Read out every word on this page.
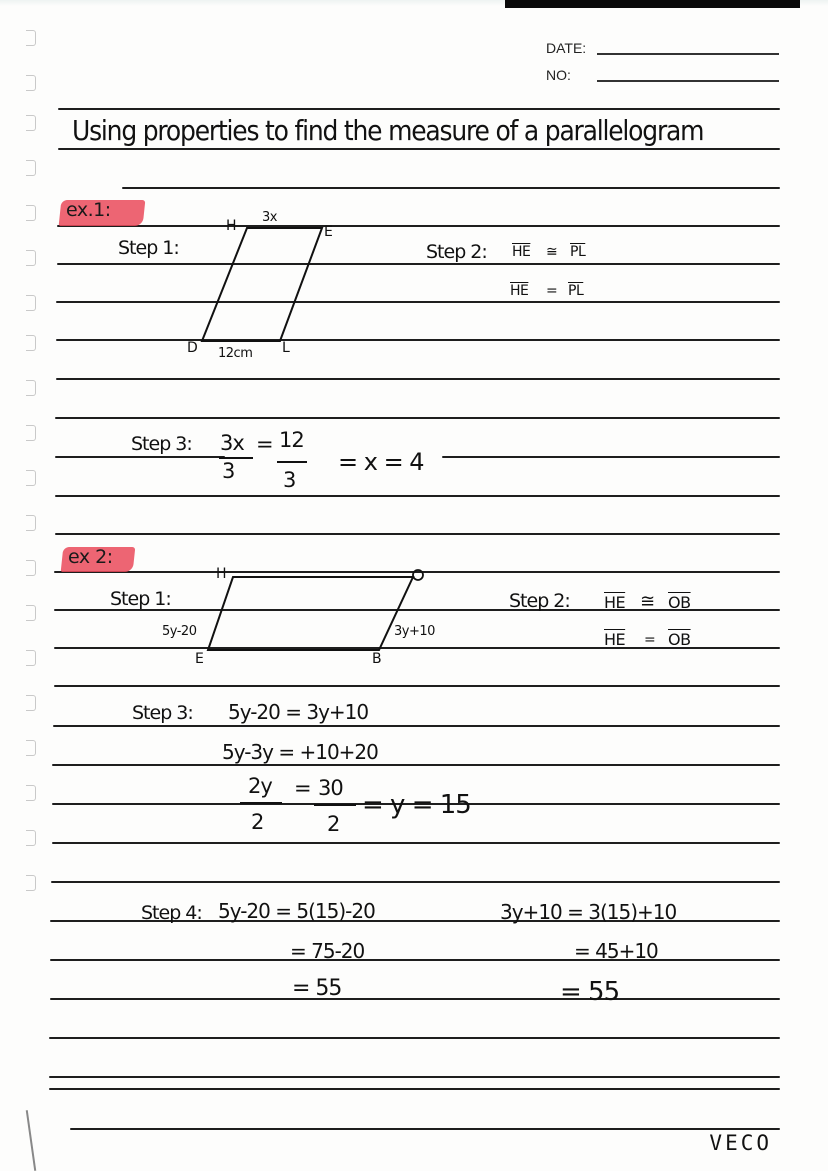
DATE:
NO:
Using properties to find the measure of a parallelogram
ex.1:
Step 1:
H
3x
E
L
D 12cm
Step 2: $\overline{HE}$ ≅ $\overline{PL}$
$\overline{HE} = \overline{PL}$
Step 3: 3x
3
= 12
3
= x = 4
ex 2:
Step 1:
H
B
E
5y-20	3y+10
Step 2: $\overline{HE}$ ≅ $\overline{OB}$
$\overline{HE} = \overline{OB}$
Step 3: 5y-20 = 3y+10
5y-3y = +10+20
2y
2
= 30
2
= y = 15
Step 4: 5y-20 = 5(15)-20
= 75-20
= 55
3y+10 = 3(15)+10
= 45+10
= 55

VECO
